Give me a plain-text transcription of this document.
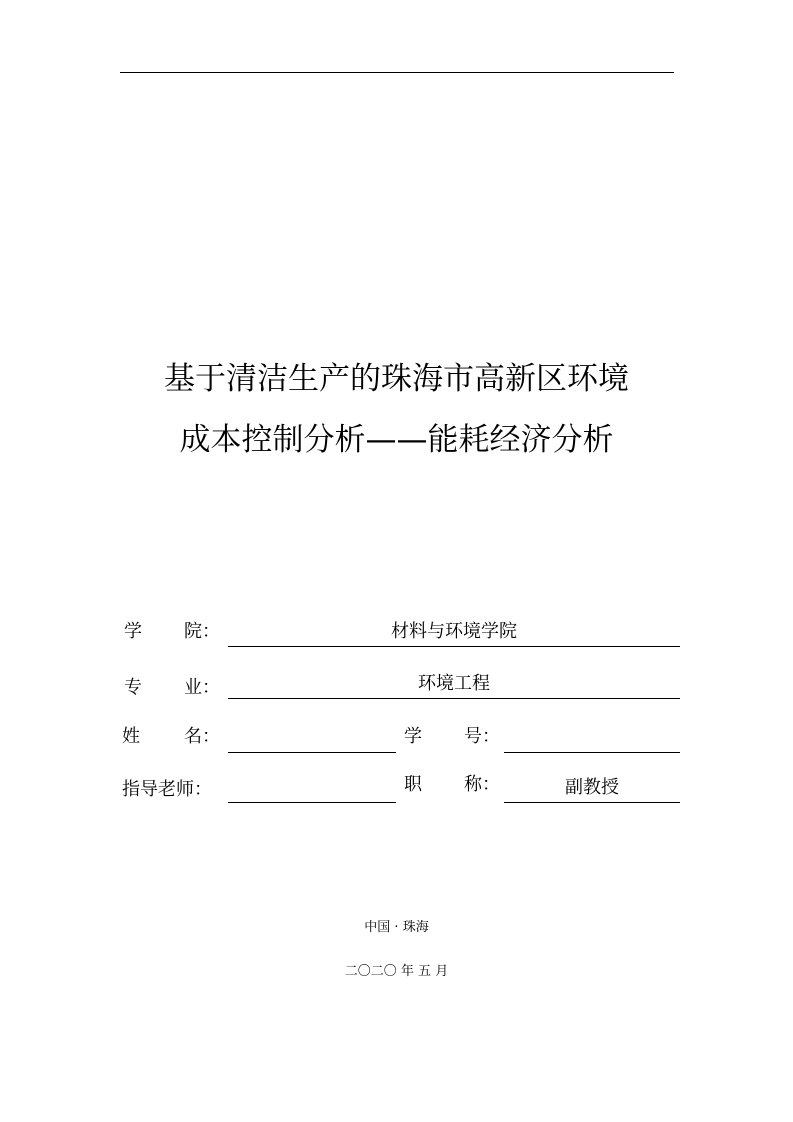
基于清洁生产的珠海市高新区环境
成本控制分析——能耗经济分析
学 院：	材料与环境学院
专 业：	环境工程
姓 名：	学 号：
指导老师：	职 称：	副教授
中国 · 珠海
二〇二〇 年 五 月
